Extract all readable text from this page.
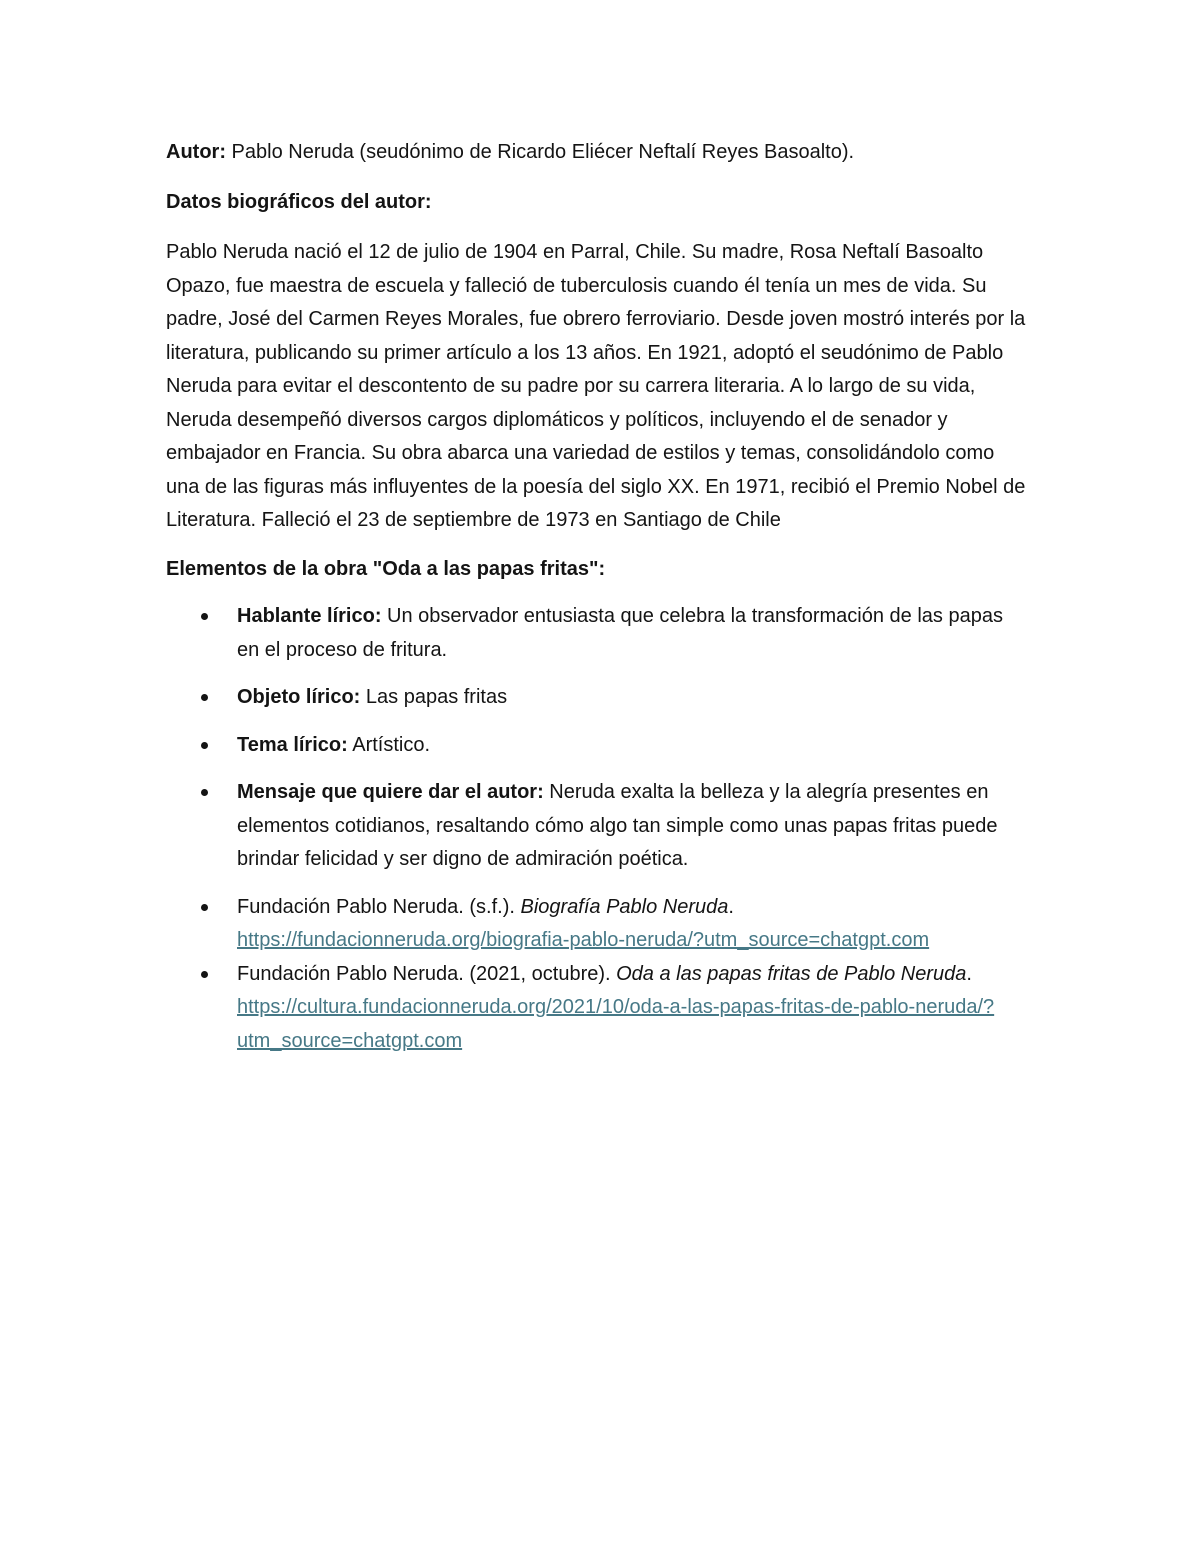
Autor: Pablo Neruda (seudónimo de Ricardo Eliécer Neftalí Reyes Basoalto).

Datos biográficos del autor:

Pablo Neruda nació el 12 de julio de 1904 en Parral, Chile. Su madre, Rosa Neftalí Basoalto Opazo, fue maestra de escuela y falleció de tuberculosis cuando él tenía un mes de vida. Su padre, José del Carmen Reyes Morales, fue obrero ferroviario. Desde joven mostró interés por la literatura, publicando su primer artículo a los 13 años. En 1921, adoptó el seudónimo de Pablo Neruda para evitar el descontento de su padre por su carrera literaria. A lo largo de su vida, Neruda desempeñó diversos cargos diplomáticos y políticos, incluyendo el de senador y embajador en Francia. Su obra abarca una variedad de estilos y temas, consolidándolo como una de las figuras más influyentes de la poesía del siglo XX. En 1971, recibió el Premio Nobel de Literatura. Falleció el 23 de septiembre de 1973 en Santiago de Chile

Elementos de la obra "Oda a las papas fritas":

Hablante lírico: Un observador entusiasta que celebra la transformación de las papas en el proceso de fritura.
Objeto lírico: Las papas fritas
Tema lírico: Artístico.
Mensaje que quiere dar el autor: Neruda exalta la belleza y la alegría presentes en elementos cotidianos, resaltando cómo algo tan simple como unas papas fritas puede brindar felicidad y ser digno de admiración poética.
Fundación Pablo Neruda. (s.f.). Biografía Pablo Neruda.
https://fundacionneruda.org/biografia-pablo-neruda/?utm_source=chatgpt.com
Fundación Pablo Neruda. (2021, octubre). Oda a las papas fritas de Pablo Neruda. https://cultura.fundacionneruda.org/2021/10/oda-a-las-papas-fritas-de-pablo-neruda/?utm_source=chatgpt.com
